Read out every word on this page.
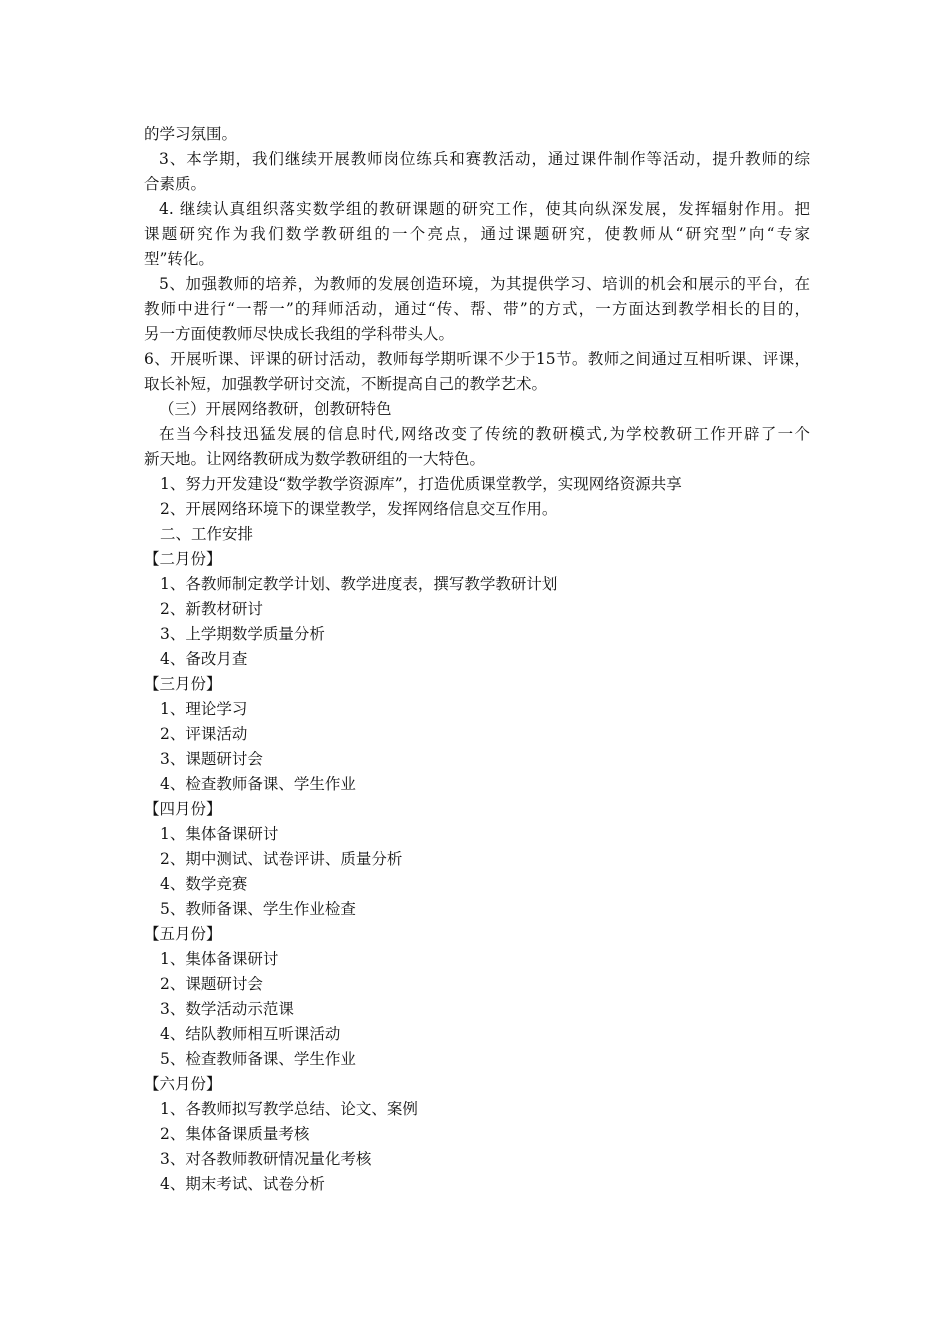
的学习氛围。
3、本学期，我们继续开展教师岗位练兵和赛教活动，通过课件制作等活动，提升教师的综
合素质。
4. 继续认真组织落实数学组的教研课题的研究工作，使其向纵深发展，发挥辐射作用。把
课题研究作为我们数学教研组的一个亮点，通过课题研究，使教师从“研究型”向“专家
型”转化。
5、加强教师的培养，为教师的发展创造环境，为其提供学习、培训的机会和展示的平台，在
教师中进行“一帮一”的拜师活动，通过“传、帮、带”的方式，一方面达到教学相长的目的，
另一方面使教师尽快成长我组的学科带头人。
6、开展听课、评课的研讨活动，教师每学期听课不少于15节。教师之间通过互相听课、评课，
取长补短，加强教学研讨交流，不断提高自己的教学艺术。
（三）开展网络教研，创教研特色
在当今科技迅猛发展的信息时代,网络改变了传统的教研模式,为学校教研工作开辟了一个
新天地。让网络教研成为数学教研组的一大特色。
1、努力开发建设“数学教学资源库”，打造优质课堂教学，实现网络资源共享
2、开展网络环境下的课堂教学，发挥网络信息交互作用。
二、工作安排
【二月份】
1、各教师制定教学计划、教学进度表，撰写教学教研计划
2、新教材研讨
3、上学期数学质量分析
4、备改月查
【三月份】
1、理论学习
2、评课活动
3、课题研讨会
4、检查教师备课、学生作业
【四月份】
1、集体备课研讨
2、期中测试、试卷评讲、质量分析
4、数学竞赛
5、教师备课、学生作业检查
【五月份】
1、集体备课研讨
2、课题研讨会
3、数学活动示范课
4、结队教师相互听课活动
5、检查教师备课、学生作业
【六月份】
1、各教师拟写教学总结、论文、案例
2、集体备课质量考核
3、对各教师教研情况量化考核
4、期末考试、试卷分析
